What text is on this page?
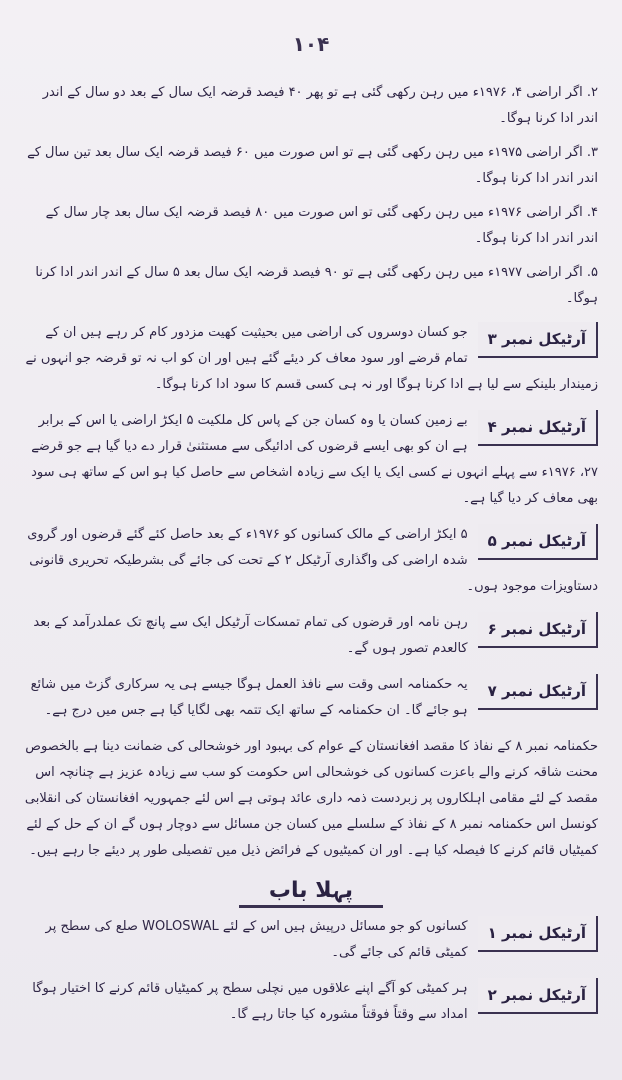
۱۰۴

۲. اگر اراضی ۴، ۱۹۷۶ء میں رہن رکھی گئی ہے تو پھر ۴۰ فیصد قرضہ ایک سال کے بعد دو سال کے اندر اندر ادا کرنا ہوگا۔

۳. اگر اراضی ۱۹۷۵ء میں رہن رکھی گئی ہے تو اس صورت میں ۶۰ فیصد قرضہ ایک سال بعد تین سال کے اندر اندر ادا کرنا ہوگا۔

۴. اگر اراضی ۱۹۷۶ء میں رہن رکھی گئی تو اس صورت میں ۸۰ فیصد قرضہ ایک سال بعد چار سال کے اندر اندر ادا کرنا ہوگا۔

۵. اگر اراضی ۱۹۷۷ء میں رہن رکھی گئی ہے تو ۹۰ فیصد قرضہ ایک سال بعد ۵ سال کے اندر اندر ادا کرنا ہوگا۔

آرٹیکل نمبر ۳
جو کسان دوسروں کی اراضی میں بحیثیت کھیت مزدور کام کر رہے ہیں ان کے تمام قرضے اور سود معاف کر دیئے گئے ہیں اور ان کو اب نہ تو قرضہ جو انہوں نے زمیندار بلینکے سے لیا ہے ادا کرنا ہوگا اور نہ ہی کسی قسم کا سود ادا کرنا ہوگا۔
آرٹیکل نمبر ۴
بے زمین کسان یا وہ کسان جن کے پاس کل ملکیت ۵ ایکڑ اراضی یا اس کے برابر ہے ان کو بھی ایسے قرضوں کی ادائیگی سے مستثنیٰ قرار دے دیا گیا ہے جو قرضے ۲۷، ۱۹۷۶ء سے پہلے انہوں نے کسی ایک یا ایک سے زیادہ اشخاص سے حاصل کیا ہو اس کے ساتھ ہی سود بھی معاف کر دیا گیا ہے۔
آرٹیکل نمبر ۵
۵ ایکڑ اراضی کے مالک کسانوں کو ۱۹۷۶ء کے بعد حاصل کئے گئے قرضوں اور گروی شدہ اراضی کی واگذاری آرٹیکل ۲ کے تحت کی جائے گی بشرطیکہ تحریری قانونی دستاویزات موجود ہوں۔
آرٹیکل نمبر ۶
رہن نامہ اور قرضوں کی تمام تمسکات آرٹیکل ایک سے پانچ تک عملدرآمد کے بعد کالعدم تصور ہوں گے۔
آرٹیکل نمبر ۷
یہ حکمنامہ اسی وقت سے نافذ العمل ہوگا جیسے ہی یہ سرکاری گزٹ میں شائع ہو جائے گا۔ ان حکمنامہ کے ساتھ ایک تتمہ بھی لگایا گیا ہے جس میں درج ہے۔

حکمنامہ نمبر ۸ کے نفاذ کا مقصد افغانستان کے عوام کی بہبود اور خوشحالی کی ضمانت دینا ہے بالخصوص محنت شاقہ کرنے والے باعزت کسانوں کی خوشحالی اس حکومت کو سب سے زیادہ عزیز ہے چنانچہ اس مقصد کے لئے مقامی اہلکاروں پر زبردست ذمہ داری عائد ہوتی ہے اس لئے جمہوریہ افغانستان کی انقلابی کونسل اس حکمنامہ نمبر ۸ کے نفاذ کے سلسلے میں کسان جن مسائل سے دوچار ہوں گے ان کے حل کے لئے کمیٹیاں قائم کرنے کا فیصلہ کیا ہے۔ اور ان کمیٹیوں کے فرائض ذیل میں تفصیلی طور پر دیئے جا رہے ہیں۔

پہلا باب
آرٹیکل نمبر ۱
کسانوں کو جو مسائل درپیش ہیں اس کے لئے WOLOSWAL صلع کی سطح پر کمیٹی قائم کی جائے گی۔
آرٹیکل نمبر ۲
ہر کمیٹی کو آگے اپنے علاقوں میں نچلی سطح پر کمیٹیاں قائم کرنے کا اختیار ہوگا امداد سے وقتاً فوقتاً مشورہ کیا جاتا رہے گا۔
